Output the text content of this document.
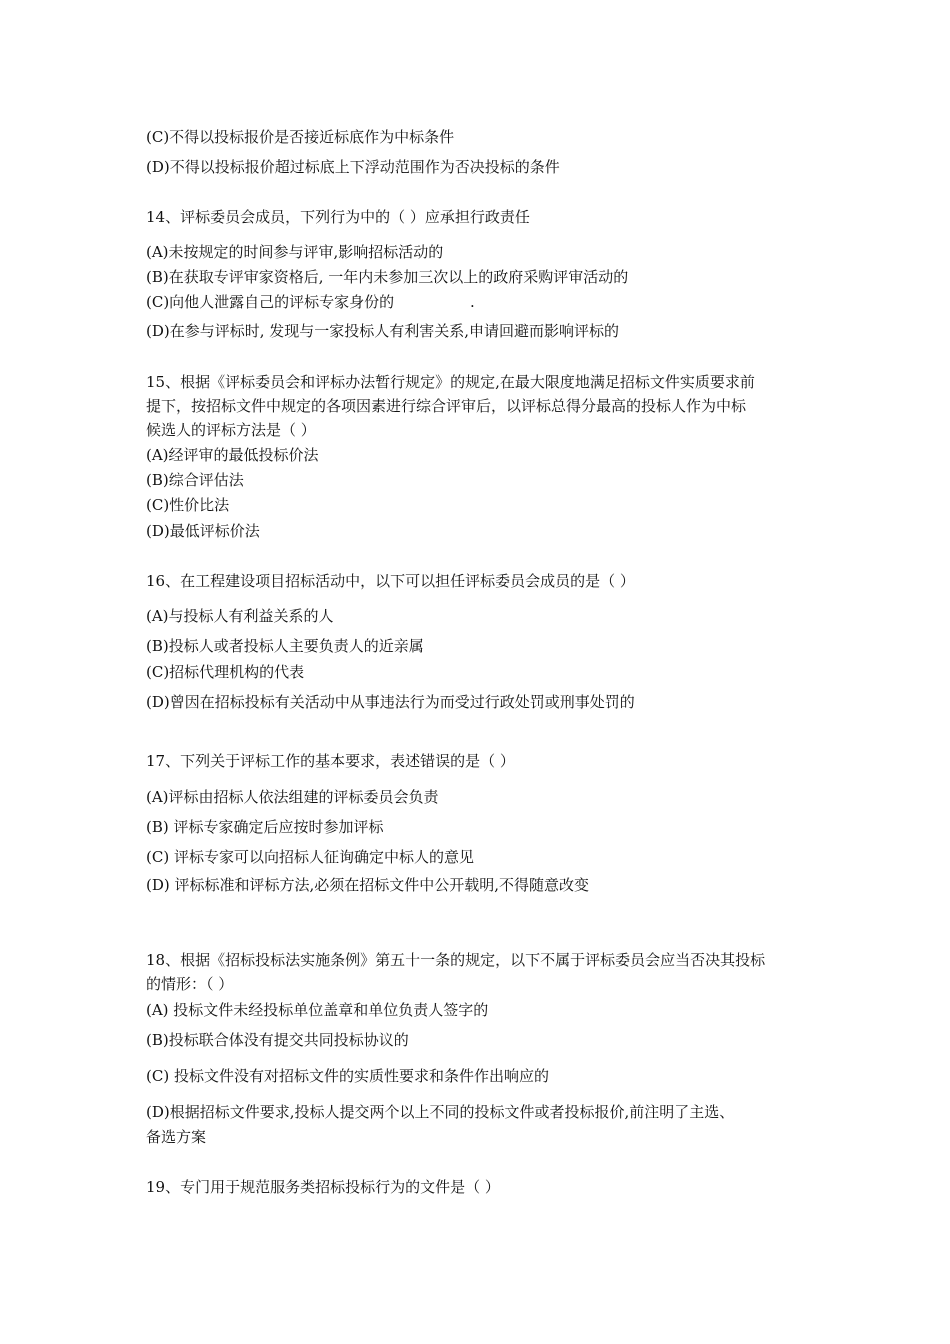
(C)不得以投标报价是否接近标底作为中标条件
(D)不得以投标报价超过标底上下浮动范围作为否决投标的条件
14、评标委员会成员，下列行为中的（ ）应承担行政责任
(A)未按规定的时间参与评审,影响招标活动的
(B)在获取专评审家资格后, 一年内未参加三次以上的政府采购评审活动的
(C)向他人泄露自己的评标专家身份的	.
(D)在参与评标时, 发现与一家投标人有利害关系,申请回避而影响评标的
15、根据《评标委员会和评标办法暂行规定》的规定,在最大限度地满足招标文件实质要求前
提下，按招标文件中规定的各项因素进行综合评审后，以评标总得分最高的投标人作为中标
候选人的评标方法是（ ）
(A)经评审的最低投标价法
(B)综合评估法
(C)性价比法
(D)最低评标价法
16、在工程建设项目招标活动中，以下可以担任评标委员会成员的是（ ）
(A)与投标人有利益关系的人
(B)投标人或者投标人主要负责人的近亲属
(C)招标代理机构的代表
(D)曾因在招标投标有关活动中从事违法行为而受过行政处罚或刑事处罚的
17、下列关于评标工作的基本要求，表述错误的是（ ）
(A)评标由招标人依法组建的评标委员会负责
(B) 评标专家确定后应按时参加评标
(C) 评标专家可以向招标人征询确定中标人的意见
(D) 评标标准和评标方法,必须在招标文件中公开载明,不得随意改变
18、根据《招标投标法实施条例》第五十一条的规定，以下不属于评标委员会应当否决其投标
的情形：（ ）
(A) 投标文件未经投标单位盖章和单位负责人签字的
(B)投标联合体没有提交共同投标协议的
(C) 投标文件没有对招标文件的实质性要求和条件作出响应的
(D)根据招标文件要求,投标人提交两个以上不同的投标文件或者投标报价,前注明了主选、
备选方案
19、专门用于规范服务类招标投标行为的文件是（ ）
